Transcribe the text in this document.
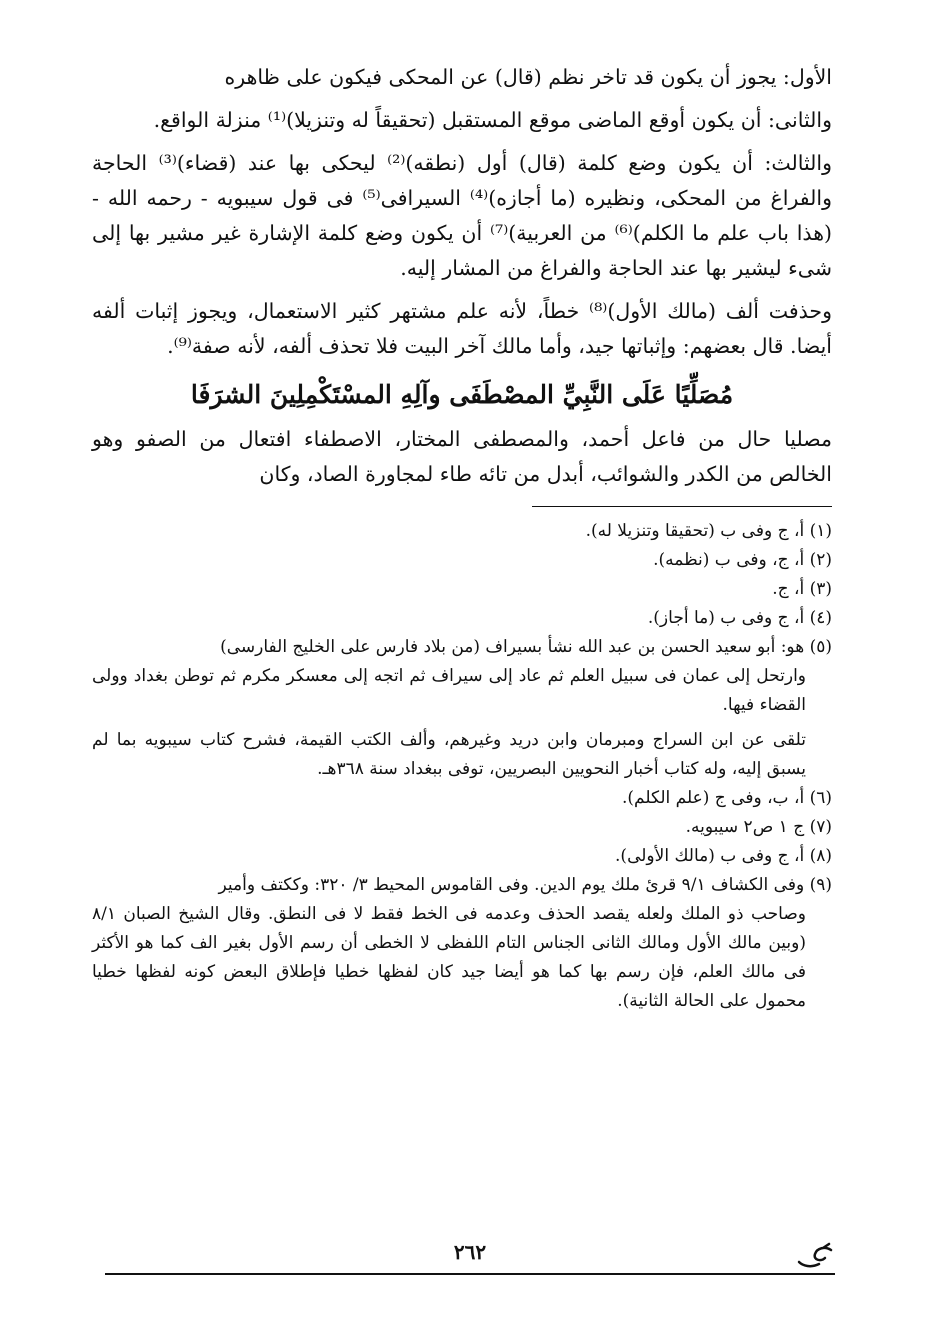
الأول: يجوز أن يكون قد تاخر نظم (قال) عن المحكى فيكون على ظاهره

والثانى: أن يكون أوقع الماضى موقع المستقبل (تحقيقاً له وتنزيلا)⁽¹⁾ منزلة الواقع.

والثالث: أن يكون وضع كلمة (قال) أول (نطقه)⁽²⁾ ليحكى بها عند (قضاء)⁽³⁾ الحاجة والفراغ من المحكى، ونظيره (ما أجازه)⁽⁴⁾ السيرافى⁽⁵⁾ فى قول سيبويه - رحمه الله - (هذا باب علم ما الكلم)⁽⁶⁾ من العربية)⁽⁷⁾ أن يكون وضع كلمة الإشارة غير مشير بها إلى شىء ليشير بها عند الحاجة والفراغ من المشار إليه.

وحذفت ألف (مالك الأول)⁽⁸⁾ خطاً، لأنه علم مشتهر كثير الاستعمال، ويجوز إثبات ألفه أيضا. قال بعضهم: وإثباتها جيد، وأما مالك آخر البيت فلا تحذف ألفه، لأنه صفة⁽⁹⁾.

مُصَلِّيًا عَلَى النَّبِيِّ المصْطَفَى وآلِهِ المسْتَكْمِلِينَ الشرَفَا

مصليا حال من فاعل أحمد، والمصطفى المختار، الاصطفاء افتعال من الصفو وهو الخالص من الكدر والشوائب، أبدل من تائه طاء لمجاورة الصاد، وكان

(١) أ، ج وفى ب (تحقيقا وتنزيلا له).

(٢) أ، ج، وفى ب (نظمه).

(٣) أ، ج.

(٤) أ، ج وفى ب (ما أجاز).

(٥) هو: أبو سعيد الحسن بن عبد الله نشأ بسيراف (من بلاد فارس على الخليج الفارسى)

وارتحل إلى عمان فى سبيل العلم ثم عاد إلى سيراف ثم اتجه إلى معسكر مكرم ثم توطن بغداد وولى القضاء فيها.

تلقى عن ابن السراج ومبرمان وابن دريد وغيرهم، وألف الكتب القيمة، فشرح كتاب سيبويه بما لم يسبق إليه، وله كتاب أخبار النحويين البصريين، توفى ببغداد سنة ٣٦٨هـ.

(٦) أ، ب، وفى ج (علم الكلم).

(٧) ج ١ ص٢ سيبويه.

(٨) أ، ج وفى ب (مالك الأولى).

(٩) وفى الكشاف ٩/١ قرئ ملك يوم الدين. وفى القاموس المحيط ٣/ ٣٢٠: وككتف وأمير

وصاحب ذو الملك ولعله يقصد الحذف وعدمه فى الخط فقط لا فى النطق. وقال الشيخ الصبان ٨/١ (وبين مالك الأول ومالك الثانى الجناس التام اللفظى لا الخطى أن رسم الأول بغير الف كما هو الأكثر فى مالك العلم، فإن رسم بها كما هو أيضا جيد كان لفظها خطيا فإطلاق البعض كونه لفظها خطيا محمول على الحالة الثانية).

٢٦٢
